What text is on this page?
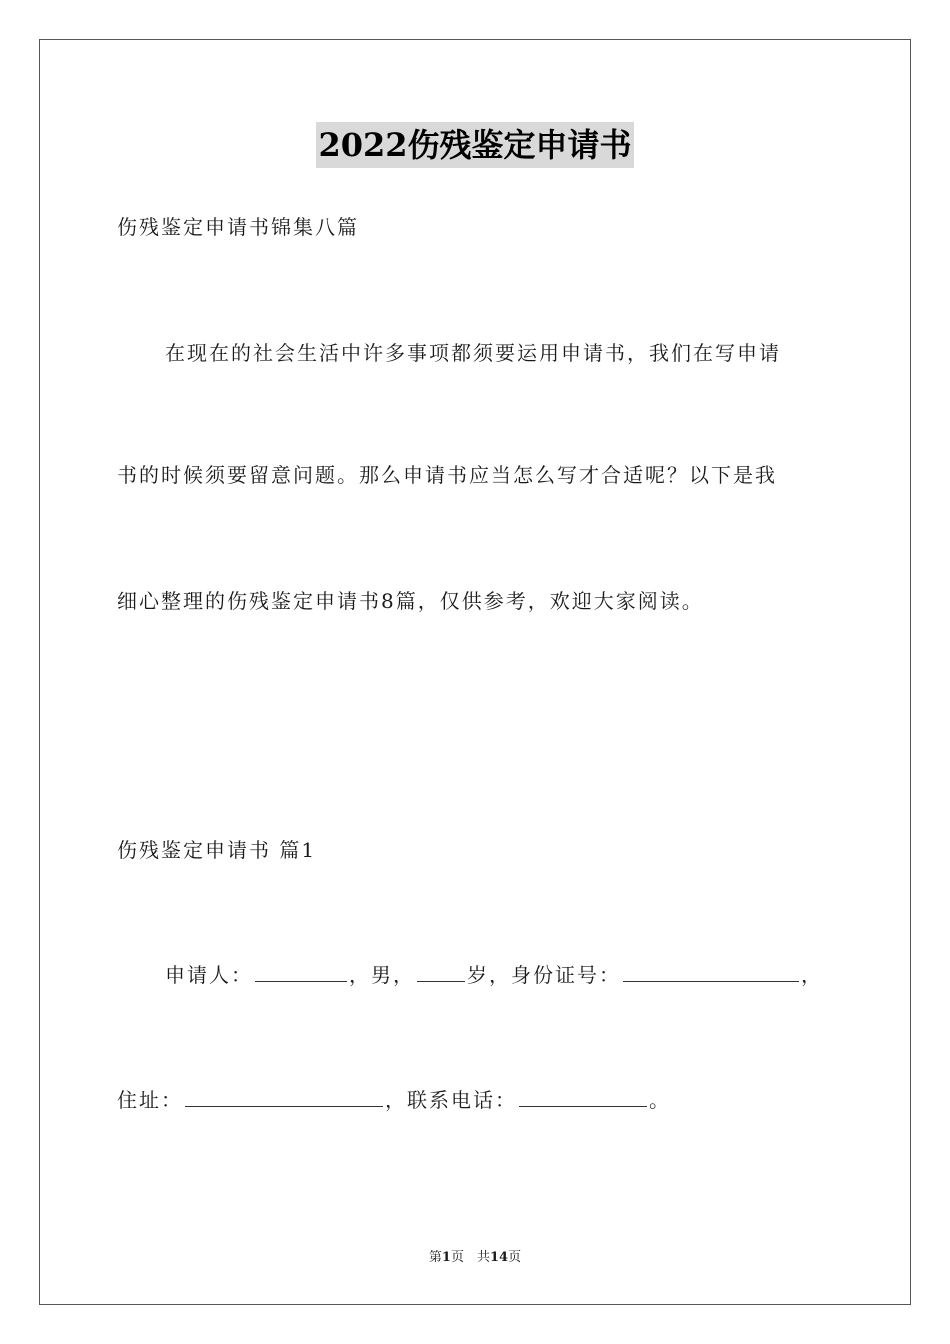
2022伤残鉴定申请书
伤残鉴定申请书锦集八篇
在现在的社会生活中许多事项都须要运用申请书，我们在写申请
书的时候须要留意问题。那么申请书应当怎么写才合适呢？以下是我
细心整理的伤残鉴定申请书8篇，仅供参考，欢迎大家阅读。
伤残鉴定申请书 篇1
申请人：	，男，	岁，身份证号：	，
住址：	，联系电话：	。
第1页　共14页
